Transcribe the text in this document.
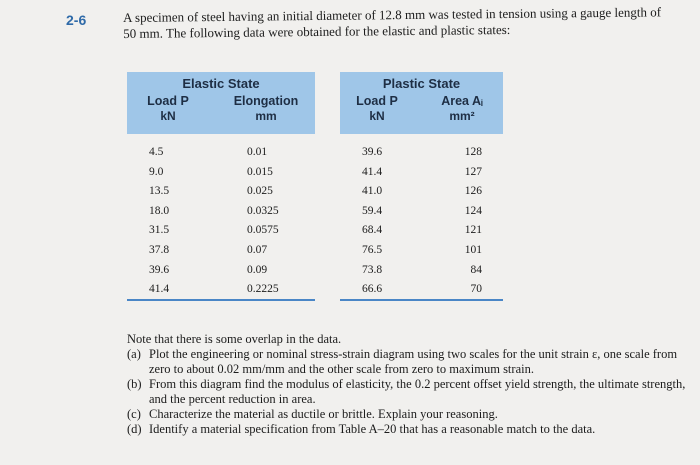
2-6	A specimen of steel having an initial diameter of 12.8 mm was tested in tension using a gauge length of 50 mm. The following data were obtained for the elastic and plastic states:
Elastic State
Load P
kN
Elongation
mm
4.5	0.01
9.0	0.015
13.5	0.025
18.0	0.0325
31.5	0.0575
37.8	0.07
39.6	0.09
41.4	0.2225
Plastic State
Load P
kN
Area Aᵢ
mm²
39.6	128
41.4	127
41.0	126
59.4	124
68.4	121
76.5	101
73.8	84
66.6	70

Note that there is some overlap in the data.

(a) Plot the engineering or nominal stress-strain diagram using two scales for the unit strain ε, one scale from zero to about 0.02 mm/mm and the other scale from zero to maximum strain.
(b) From this diagram find the modulus of elasticity, the 0.2 percent offset yield strength, the ultimate strength, and the percent reduction in area.
(c) Characterize the material as ductile or brittle. Explain your reasoning.
(d) Identify a material specification from Table A–20 that has a reasonable match to the data.
